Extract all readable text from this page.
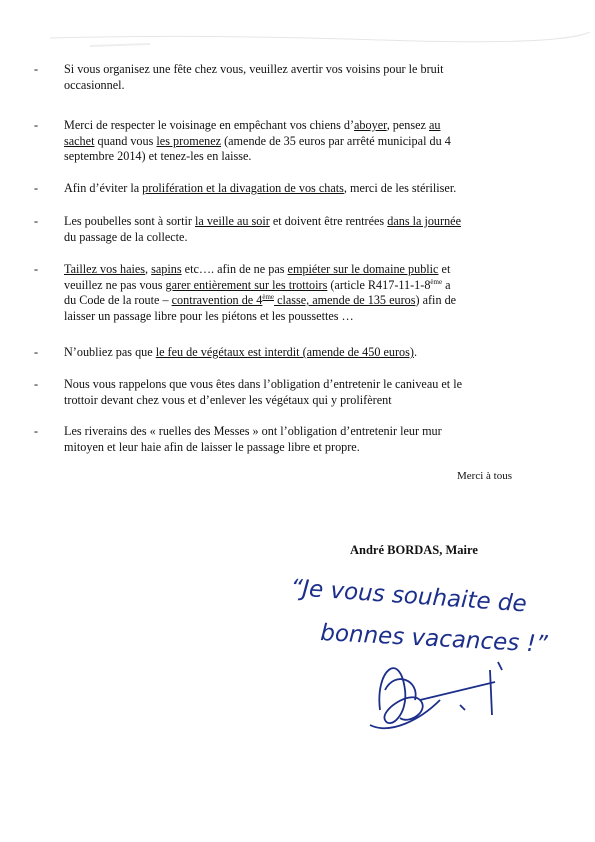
-	Si vous organisez une fête chez vous, veuillez avertir vos voisins pour le bruit
occasionnel.
-	Merci de respecter le voisinage en empêchant vos chiens d’aboyer, pensez au
sachet quand vous les promenez (amende de 35 euros par arrêté municipal du 4
septembre 2014) et tenez-les en laisse.
-	Afin d’éviter la prolifération et la divagation de vos chats, merci de les stériliser.
-	Les poubelles sont à sortir la veille au soir et doivent être rentrées dans la journée
du passage de la collecte.
-	Taillez vos haies, sapins etc…. afin de ne pas empiéter sur le domaine public et
veuillez ne pas vous garer entièrement sur les trottoirs (article R417-11-1-8ème a
du Code de la route – contravention de 4ème classe, amende de 135 euros) afin de
laisser un passage libre pour les piétons et les poussettes …
-	N’oubliez pas que le feu de végétaux est interdit (amende de 450 euros).
-	Nous vous rappelons que vous êtes dans l’obligation d’entretenir le caniveau et le
trottoir devant chez vous et d’enlever les végétaux qui y prolifèrent
-	Les riverains des « ruelles des Messes » ont l’obligation d’entretenir leur mur
mitoyen et leur haie afin de laisser le passage libre et propre.
Merci à tous
André BORDAS, Maire
“Je vous souhaite de
bonnes vacances !”
